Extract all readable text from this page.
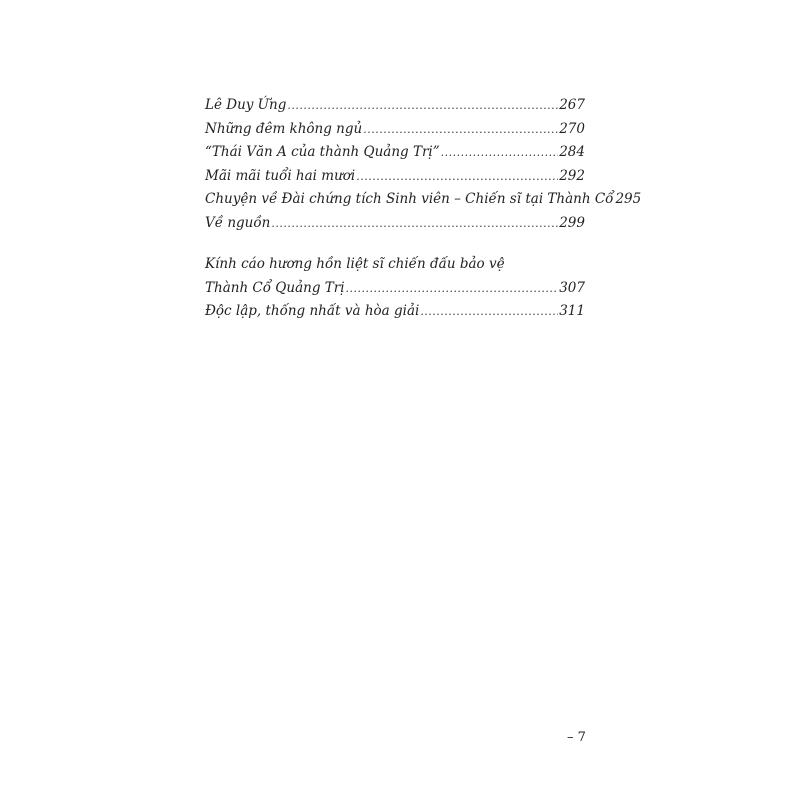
Lê Duy Ứng .....	267
Những đêm không ngủ .....	270
“Thái Văn A của thành Quảng Trị” .....	284
Mãi mãi tuổi hai mươi .....	292
Chuyện về Đài chứng tích Sinh viên – Chiến sĩ tại Thành Cổ 295
Về nguồn .....	299
Kính cáo hương hồn liệt sĩ chiến đấu bảo vệ
Thành Cổ Quảng Trị .....	307
Độc lập, thống nhất và hòa giải .....	311
– 7
